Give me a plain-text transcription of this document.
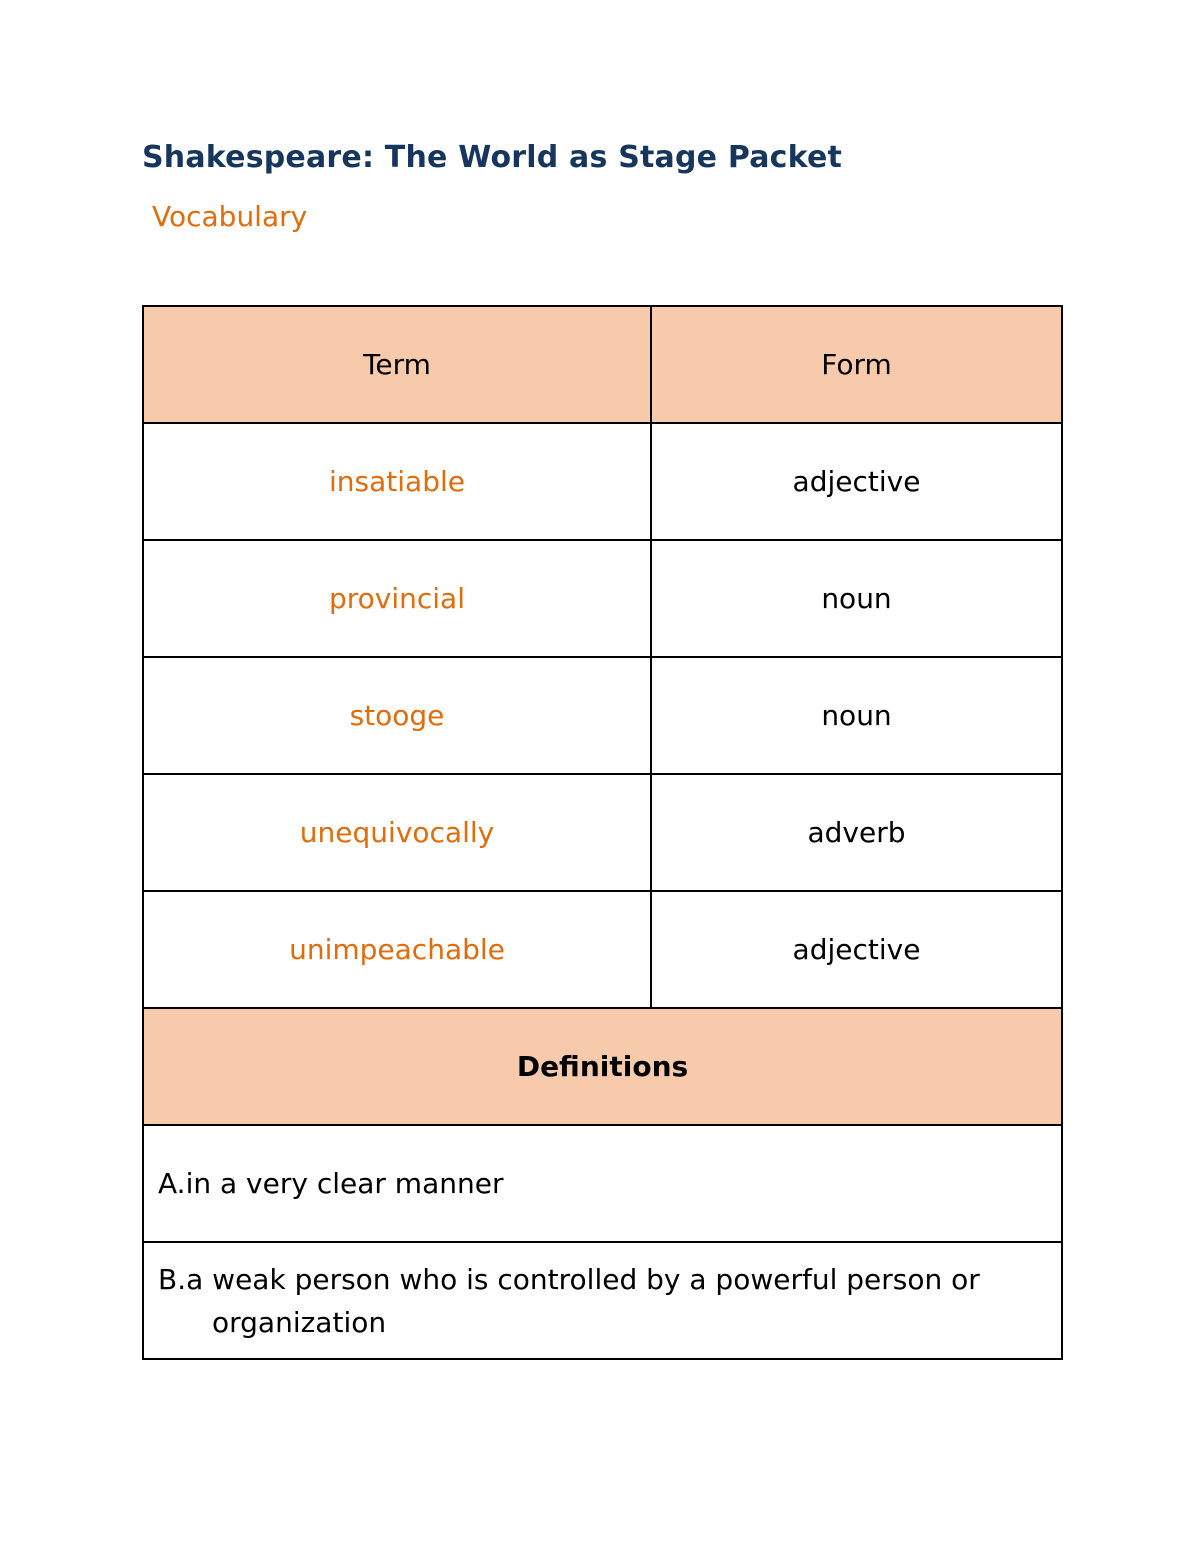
Shakespeare: The World as Stage Packet
Vocabulary
Term	Form
insatiable	adjective
provincial	noun
stooge	noun
unequivocally	adverb
unimpeachable	adjective
Definitions	

A.in a very clear manner	

B.a weak person who is controlled by a powerful person or organization	
